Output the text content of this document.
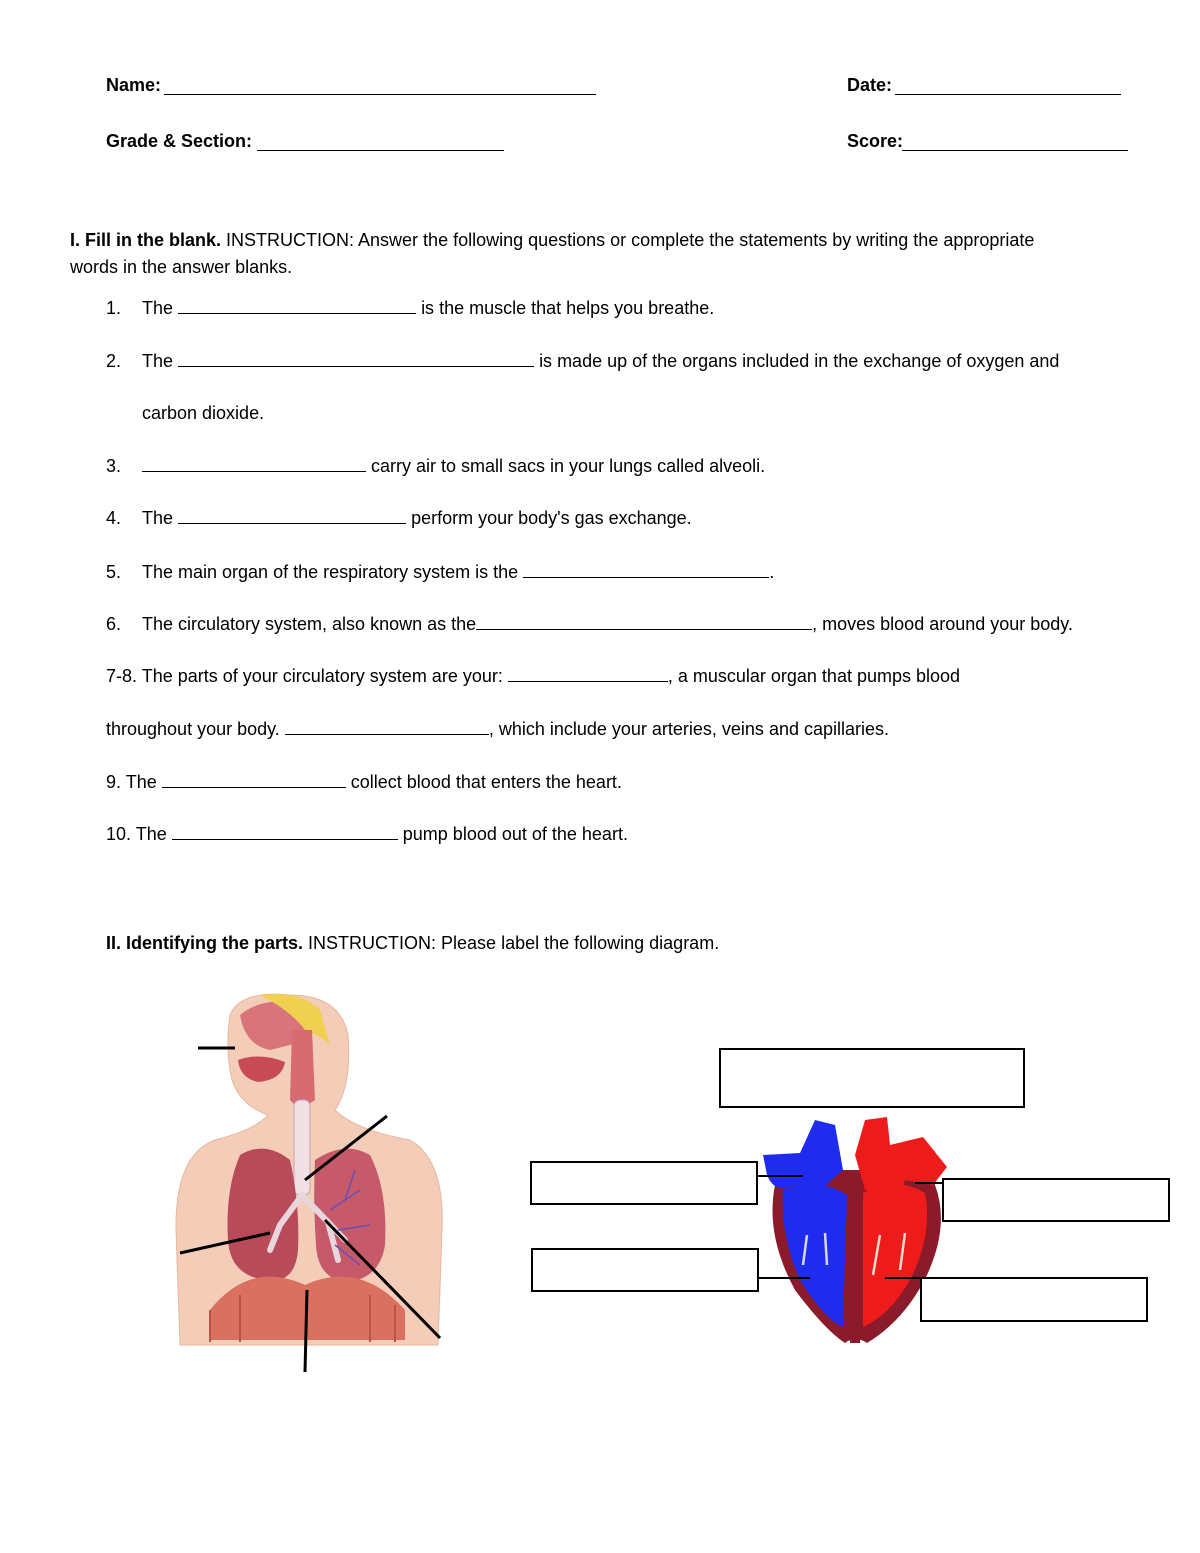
Name:	Date:
Grade & Section:	Score:
I. Fill in the blank. INSTRUCTION: Answer the following questions or complete the statements by writing the appropriate
words in the answer blanks.
1. The	is the muscle that helps you breathe.
2. The	is made up of the organs included in the exchange of oxygen and
carbon dioxide.
3.	carry air to small sacs in your lungs called alveoli.
4. The	perform your body's gas exchange.
5. The main organ of the respiratory system is the	.
6. The circulatory system, also known as the	, moves blood around your body.
7-8. The parts of your circulatory system are your:	, a muscular organ that pumps blood
throughout your body.	, which include your arteries, veins and capillaries.
9. The	collect blood that enters the heart.
10. The	pump blood out of the heart.
II. Identifying the parts. INSTRUCTION: Please label the following diagram.
